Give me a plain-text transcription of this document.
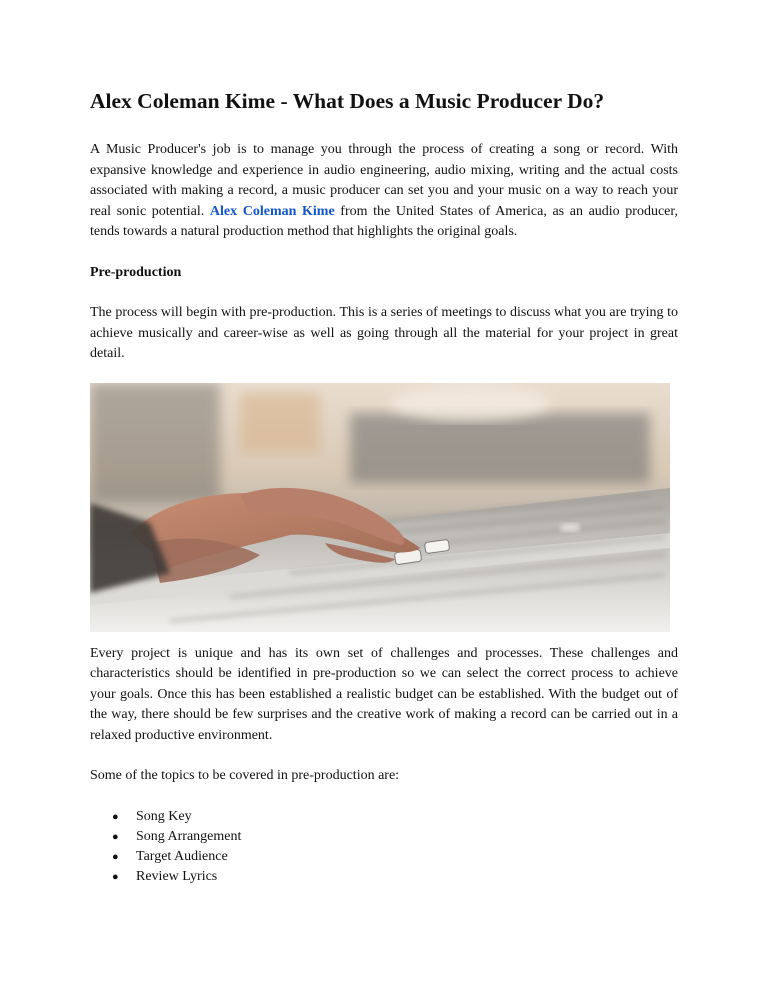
Alex Coleman Kime - What Does a Music Producer Do?

A Music Producer's job is to manage you through the process of creating a song or record. With expansive knowledge and experience in audio engineering, audio mixing, writing and the actual costs associated with making a record, a music producer can set you and your music on a way to reach your real sonic potential. Alex Coleman Kime from the United States of America, as an audio producer, tends towards a natural production method that highlights the original goals.

Pre-production

The process will begin with pre-production. This is a series of meetings to discuss what you are trying to achieve musically and career-wise as well as going through all the material for your project in great detail.

Every project is unique and has its own set of challenges and processes. These challenges and characteristics should be identified in pre-production so we can select the correct process to achieve your goals. Once this has been established a realistic budget can be established. With the budget out of the way, there should be few surprises and the creative work of making a record can be carried out in a relaxed productive environment.

Some of the topics to be covered in pre-production are:

●	Song Key
●	Song Arrangement
●	Target Audience
●	Review Lyrics
